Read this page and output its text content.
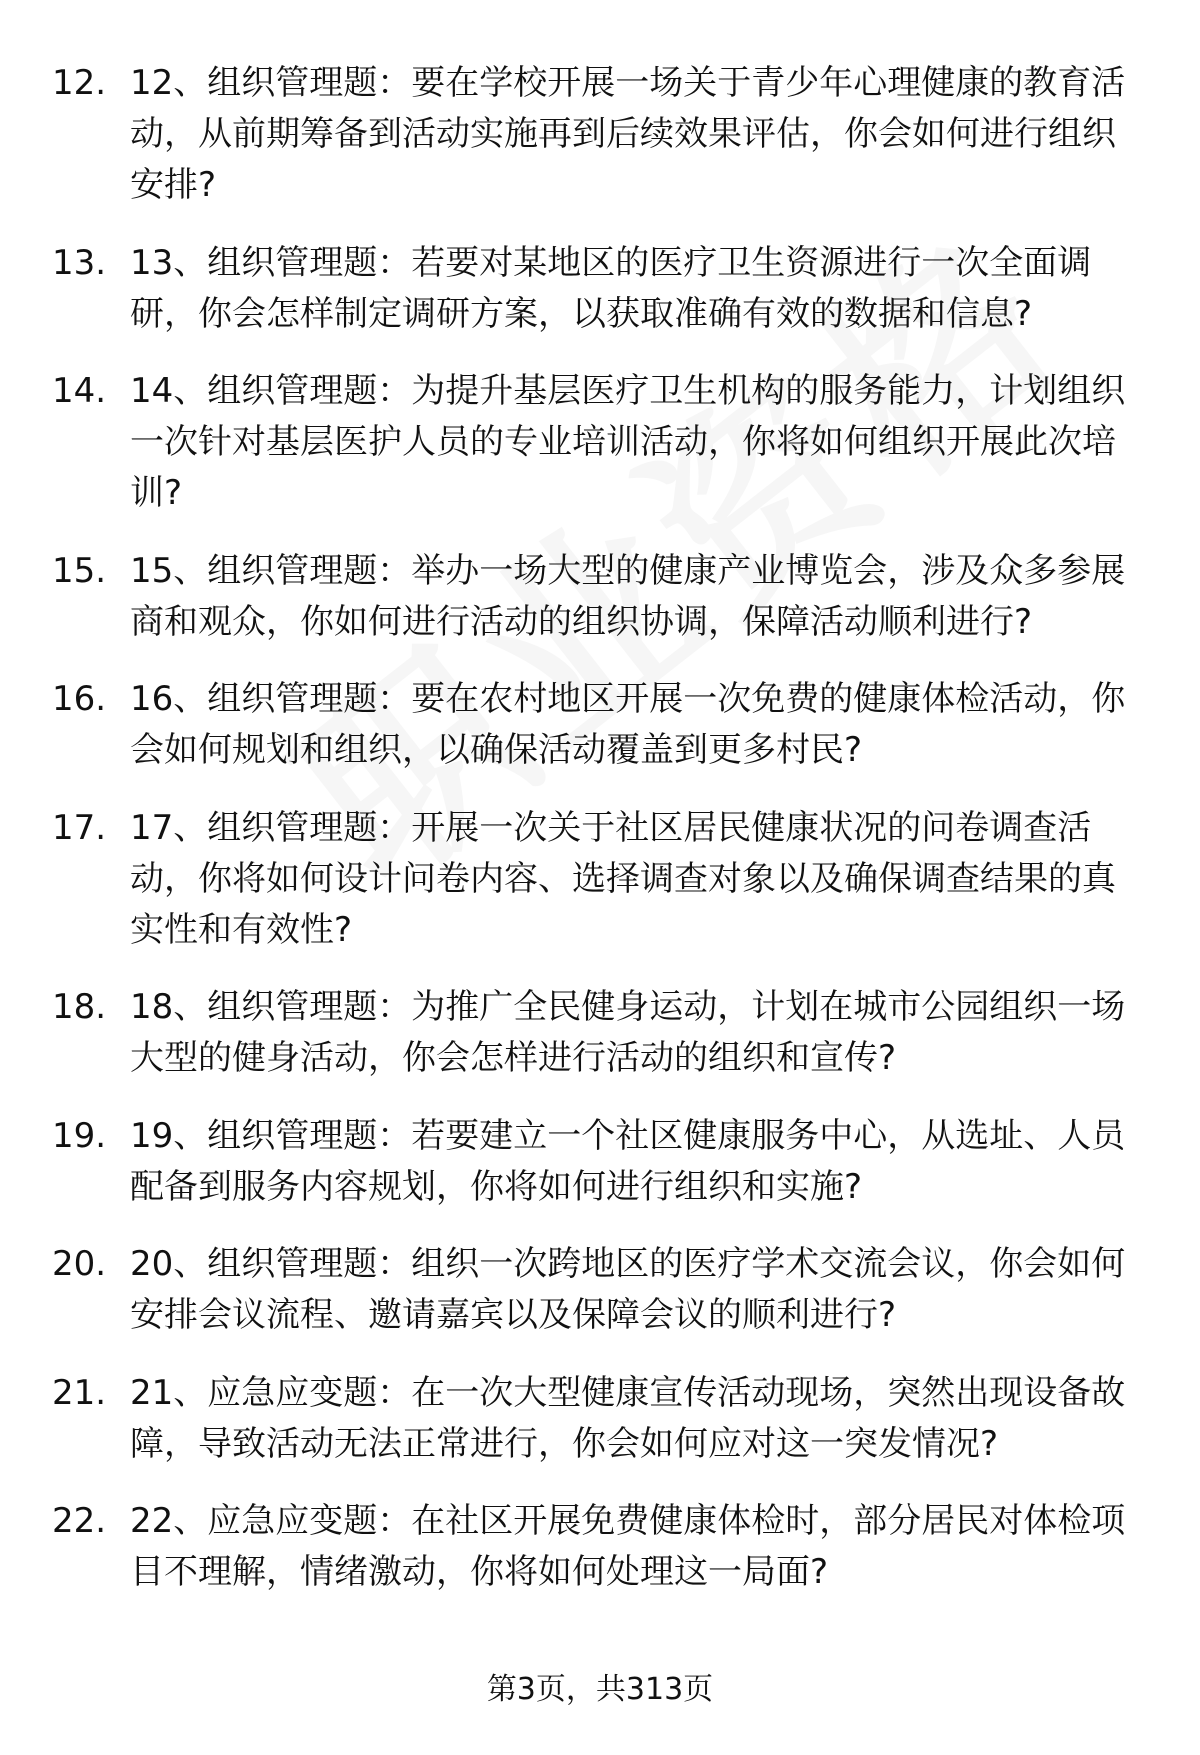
12. 12、组织管理题：要在学校开展一场关于青少年心理健康的教育活动，从前期筹备到活动实施再到后续效果评估，你会如何进行组织安排?
13. 13、组织管理题：若要对某地区的医疗卫生资源进行一次全面调研，你会怎样制定调研方案，以获取准确有效的数据和信息?
14. 14、组织管理题：为提升基层医疗卫生机构的服务能力，计划组织一次针对基层医护人员的专业培训活动，你将如何组织开展此次培训?
15. 15、组织管理题：举办一场大型的健康产业博览会，涉及众多参展商和观众，你如何进行活动的组织协调，保障活动顺利进行?
16. 16、组织管理题：要在农村地区开展一次免费的健康体检活动，你会如何规划和组织，以确保活动覆盖到更多村民?
17. 17、组织管理题：开展一次关于社区居民健康状况的问卷调查活动，你将如何设计问卷内容、选择调查对象以及确保调查结果的真实性和有效性?
18. 18、组织管理题：为推广全民健身运动，计划在城市公园组织一场大型的健身活动，你会怎样进行活动的组织和宣传?
19. 19、组织管理题：若要建立一个社区健康服务中心，从选址、人员配备到服务内容规划，你将如何进行组织和实施?
20. 20、组织管理题：组织一次跨地区的医疗学术交流会议，你会如何安排会议流程、邀请嘉宾以及保障会议的顺利进行?
21. 21、应急应变题：在一次大型健康宣传活动现场，突然出现设备故障，导致活动无法正常进行，你会如何应对这一突发情况?
22. 22、应急应变题：在社区开展免费健康体检时，部分居民对体检项目不理解，情绪激动，你将如何处理这一局面?
第3页，共313页
